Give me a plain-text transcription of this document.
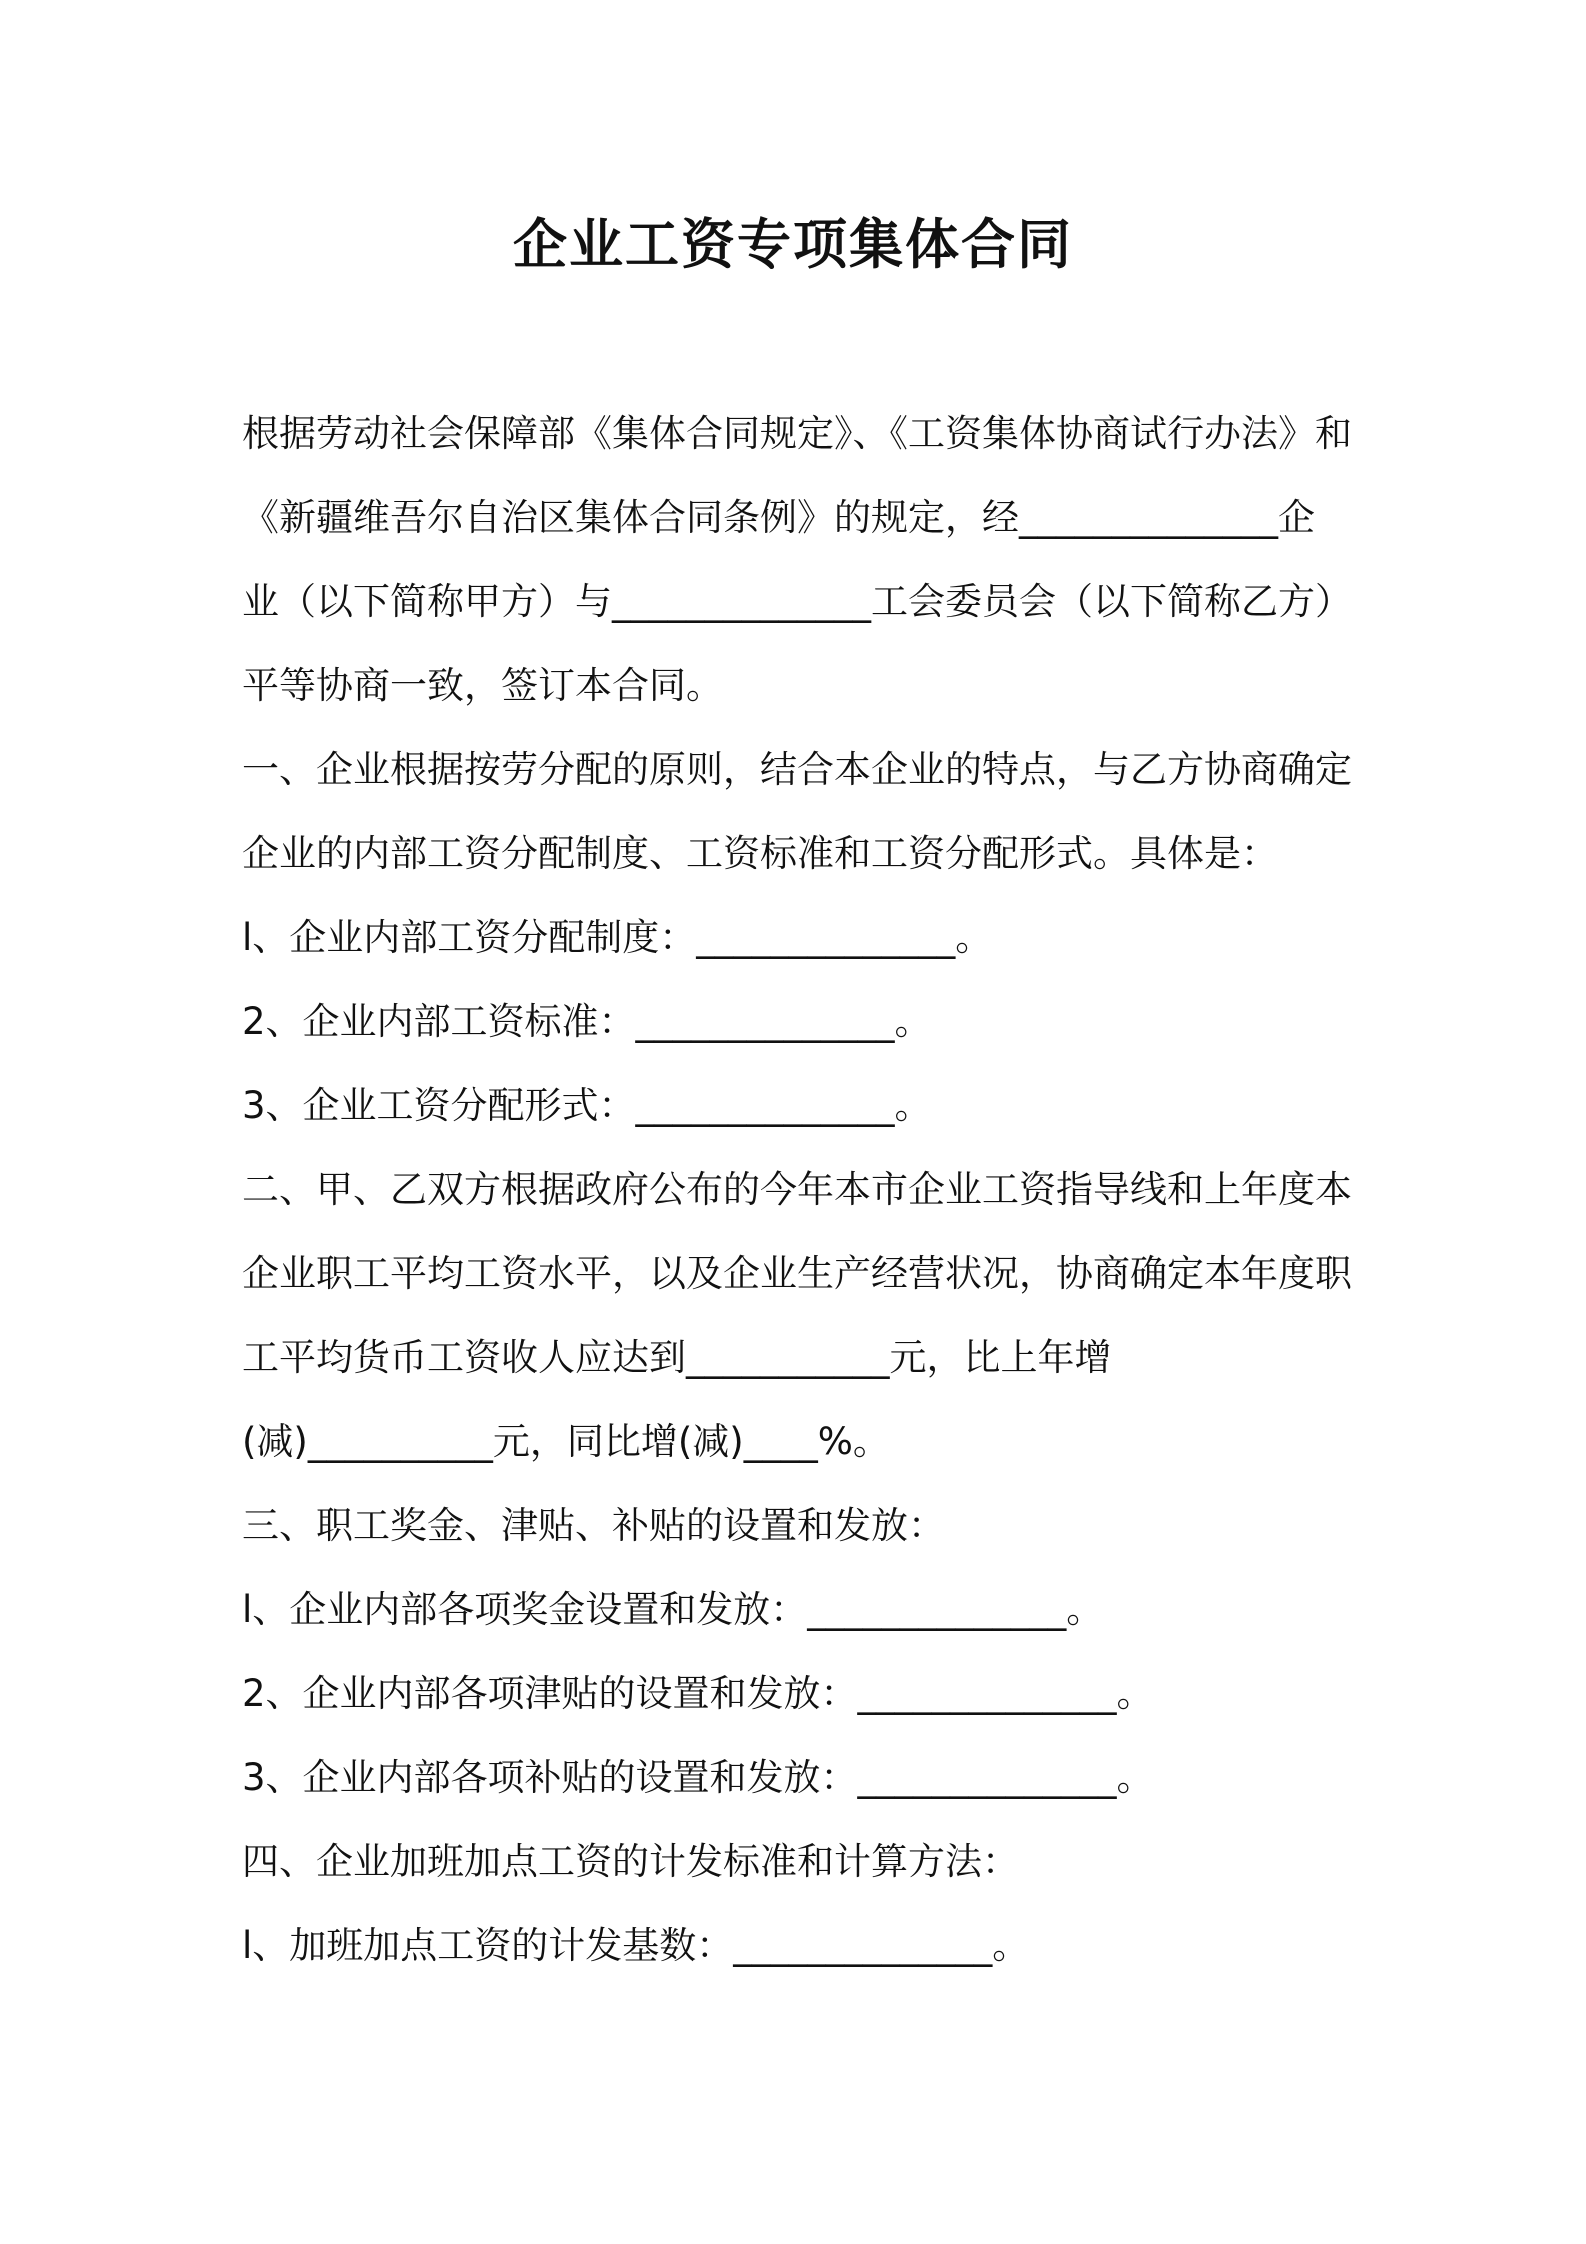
企业工资专项集体合同
根据劳动社会保障部《集体合同规定》、《工资集体协商试行办法》和
《新疆维吾尔自治区集体合同条例》的规定，经______________企
业（以下简称甲方）与______________工会委员会（以下简称乙方）
平等协商一致，签订本合同。
一、企业根据按劳分配的原则，结合本企业的特点，与乙方协商确定
企业的内部工资分配制度、工资标准和工资分配形式。具体是：
l、企业内部工资分配制度：______________。
2、企业内部工资标准：______________。
3、企业工资分配形式：______________。
二、甲、乙双方根据政府公布的今年本市企业工资指导线和上年度本
企业职工平均工资水平，以及企业生产经营状况，协商确定本年度职
工平均货币工资收人应达到___________元，比上年增
(减)__________元，同比增(减)____%。
三、职工奖金、津贴、补贴的设置和发放：
l、企业内部各项奖金设置和发放：______________。
2、企业内部各项津贴的设置和发放：______________。
3、企业内部各项补贴的设置和发放：______________。
四、企业加班加点工资的计发标准和计算方法：
l、加班加点工资的计发基数：______________。
